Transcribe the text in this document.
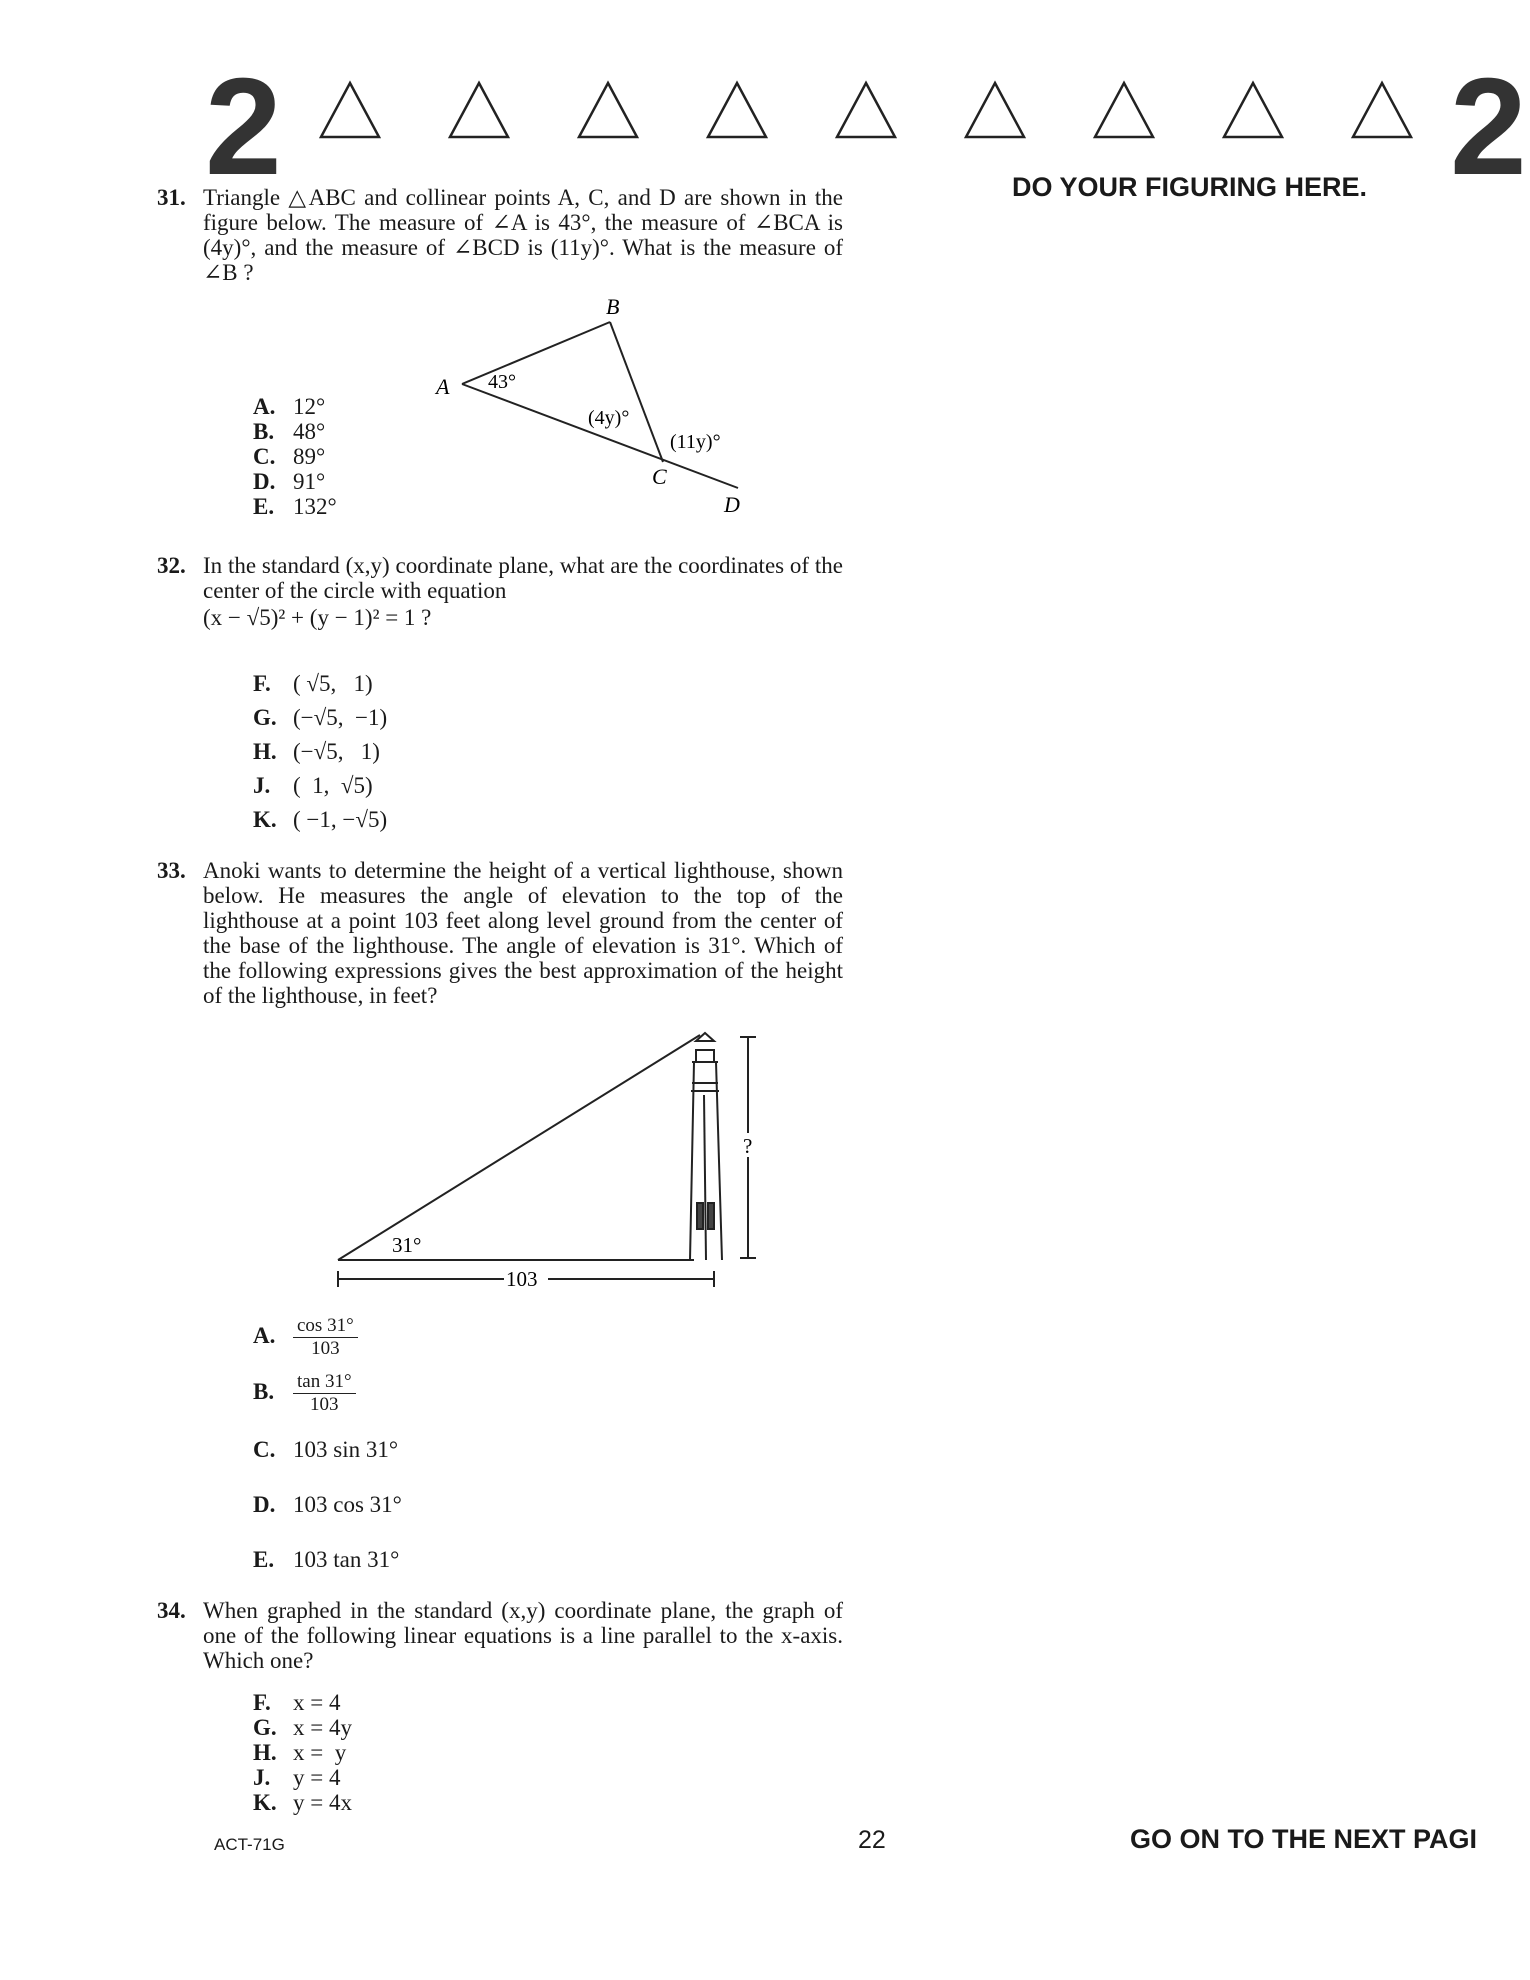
2	2
DO YOUR FIGURING HERE.
31. Triangle △ABC and collinear points A, C, and D are shown in the figure below. The measure of ∠A is 43°, the measure of ∠BCA is (4y)°, and the measure of ∠BCD is (11y)°. What is the measure of ∠B ?
A. 12°
B. 48°
C. 89°
D. 91°
E. 132°
B
A
C
D
43°
(4y)°
(11y)°
32. In the standard (x,y) coordinate plane, what are the coordinates of the center of the circle with equation
(x − √5)² + (y − 1)² = 1 ?
F. ( √5,   1)
G. (−√5,  −1)
H. (−√5,   1)
J. (  1,  √5)
K. ( −1, −√5)
33. Anoki wants to determine the height of a vertical lighthouse, shown below. He measures the angle of elevation to the top of the lighthouse at a point 103 feet along level ground from the center of the base of the lighthouse. The angle of elevation is 31°. Which of the following expressions gives the best approximation of the height of the lighthouse, in feet?
31°
103
?
A. $\frac{\cos 31^\circ}{103}$
B. $\frac{\tan 31^\circ}{103}$
C. 103 sin 31°
D. 103 cos 31°
E. 103 tan 31°
34. When graphed in the standard (x,y) coordinate plane, the graph of one of the following linear equations is a line parallel to the x-axis. Which one?
F. x = 4
G. x = 4y
H. x =  y
J. y = 4
K. y = 4x
ACT-71G	22	GO ON TO THE NEXT PAGI
